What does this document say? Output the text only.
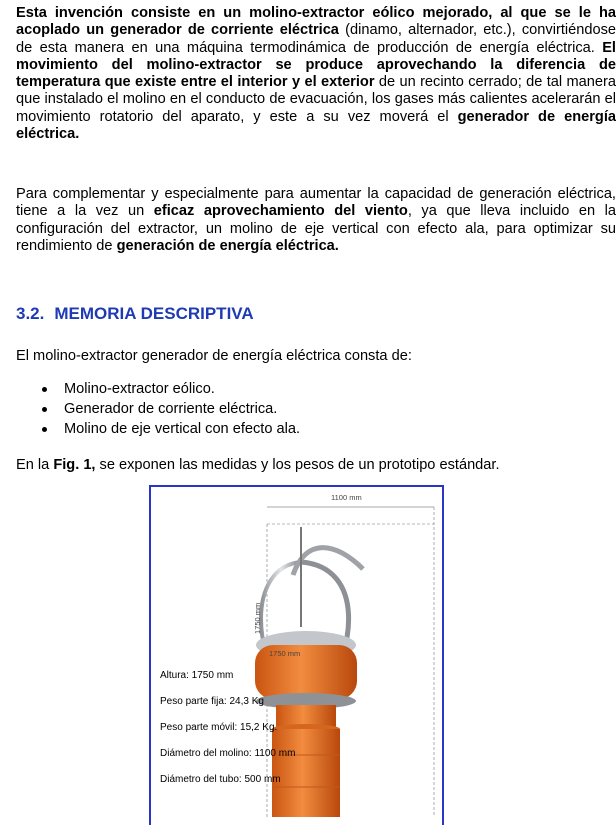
Esta invención consiste en un molino-extractor eólico mejorado, al que se le ha acoplado un generador de corriente eléctrica (dinamo, alternador, etc.), convirtiéndose de esta manera en una máquina termodinámica de producción de energía eléctrica. El movimiento del molino-extractor se produce aprovechando la diferencia de temperatura que existe entre el interior y el exterior de un recinto cerrado; de tal manera que instalado el molino en el conducto de evacuación, los gases más calientes acelerarán el movimiento rotatorio del aparato, y este a su vez moverá el generador de energía eléctrica.
Para complementar y especialmente para aumentar la capacidad de generación eléctrica, tiene a la vez un eficaz aprovechamiento del viento, ya que lleva incluido en la configuración del extractor, un molino de eje vertical con efecto ala, para optimizar su rendimiento de generación de energía eléctrica.
3.2. MEMORIA DESCRIPTIVA
El molino-extractor generador de energía eléctrica consta de:
Molino-extractor eólico.
Generador de corriente eléctrica.
Molino de eje vertical con efecto ala.
En la Fig. 1, se exponen las medidas y los pesos de un prototipo estándar.
1100 mm
1750 mm
1750 mm
Altura: 1750 mm
Peso parte fija: 24,3 Kg
Peso parte móvil: 15,2 Kg.
Diámetro del molino: 1100 mm
Diámetro del tubo: 500 mm
